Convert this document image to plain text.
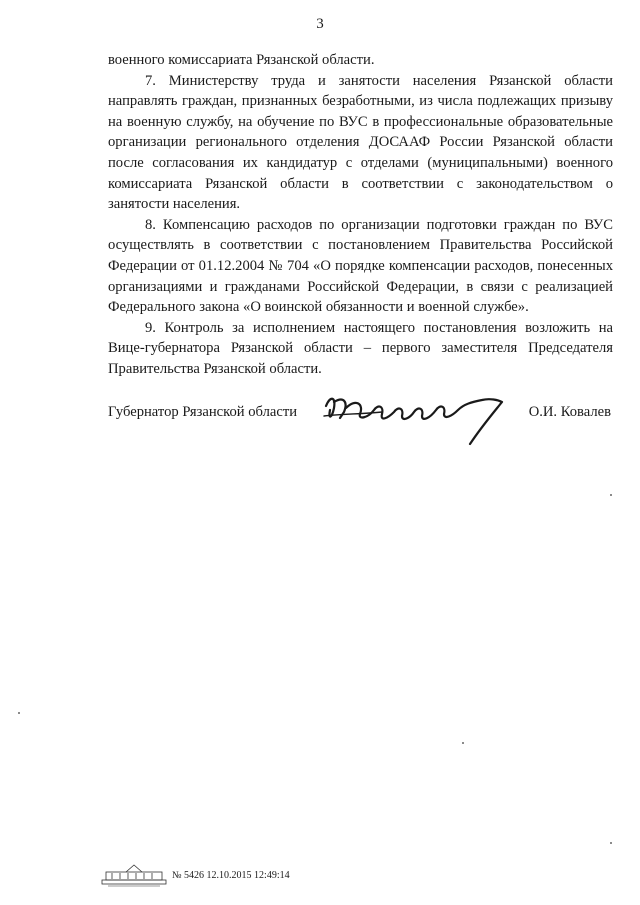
3

военного комиссариата Рязанской области.

7. Министерству труда и занятости населения Рязанской области направлять граждан, признанных безработными, из числа подлежащих призыву на военную службу, на обучение по ВУС в профессиональные образовательные организации регионального отделения ДОСААФ России Рязанской области после согласования их кандидатур с отделами (муниципальными) военного комиссариата Рязанской области в соответствии с законодательством о занятости населения.

8. Компенсацию расходов по организации подготовки граждан по ВУС осуществлять в соответствии с постановлением Правительства Российской Федерации от 01.12.2004 № 704 «О порядке компенсации расходов, понесенных организациями и гражданами Российской Федерации, в связи с реализацией Федерального закона «О воинской обязанности и военной службе».

9. Контроль за исполнением настоящего постановления возложить на Вице-губернатора Рязанской области – первого заместителя Председателя Правительства Рязанской области.

Губернатор Рязанской области	О.И. Ковалев
№ 5426 12.10.2015 12:49:14
